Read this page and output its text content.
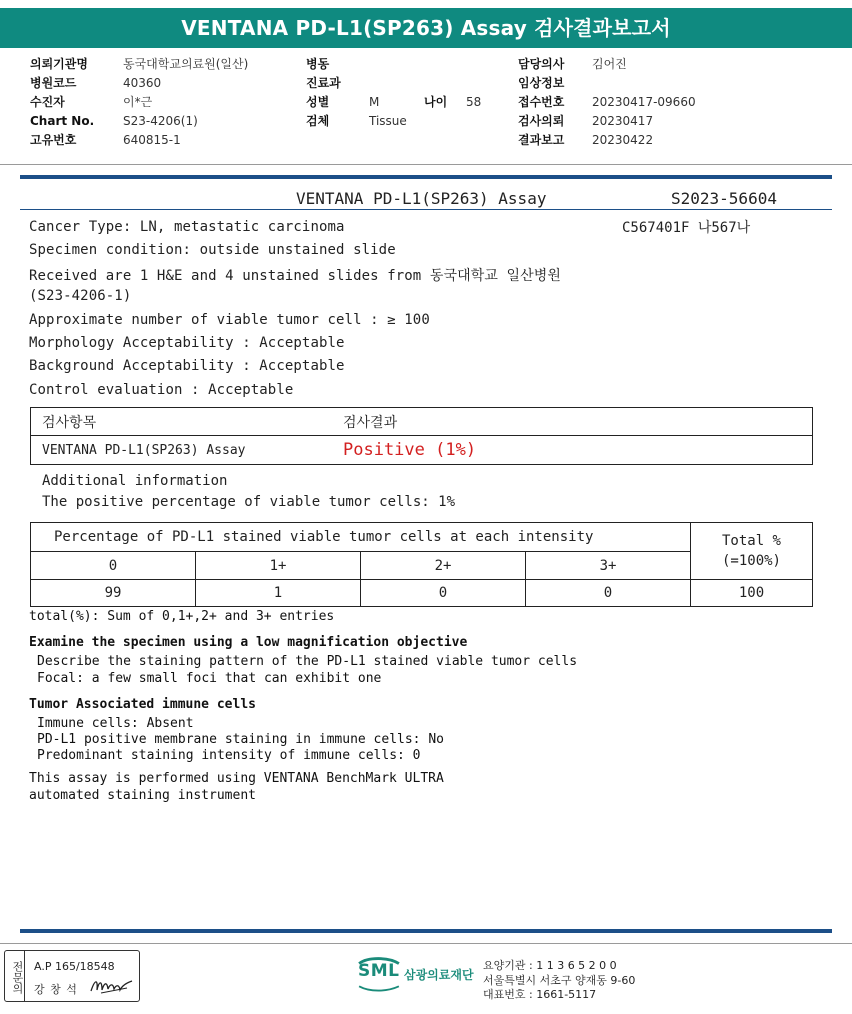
VENTANA PD-L1(SP263) Assay 검사결과보고서
의뢰기관명	동국대학교의료원(일산)
병원코드	40360
수진자	이*근
Chart No.	S23-4206(1)
고유번호	640815-1
병동
진료과
성별	M	나이	58
검체	Tissue
담당의사	김어진
임상정보
접수번호	20230417-09660
검사의뢰	20230417
결과보고	20230422
VENTANA PD-L1(SP263) Assay	S2023-56604
C567401F 나567나
Cancer Type: LN, metastatic carcinoma
Specimen condition: outside unstained slide
Received are 1 H&E and 4 unstained slides from 동국대학교 일산병원
(S23-4206-1)
Approximate number of viable tumor cell : ≥ 100
Morphology Acceptability : Acceptable
Background Acceptability : Acceptable
Control evaluation : Acceptable
검사항목	검사결과
VENTANA PD-L1(SP263) Assay	Positive (1%)
Additional information
The positive percentage of viable tumor cells: 1%
Percentage of PD-L1 stained viable tumor cells at each intensity				Total %
(=100%)

0	1+	2+	3+	
99	1	0	0	100
total(%): Sum of 0,1+,2+ and 3+ entries
Examine the specimen using a low magnification objective
Describe the staining pattern of the PD-L1 stained viable tumor cells
Focal: a few small foci that can exhibit one
Tumor Associated immune cells
Immune cells: Absent
PD-L1 positive membrane staining in immune cells: No
Predominant staining intensity of immune cells: 0
This assay is performed using VENTANA BenchMark ULTRA
automated staining instrument
전문의 A.P 165/18548
강 창 석
SML 삼광의료재단
요양기관 : 1 1 3 6 5 2 0 0
서울특별시 서초구 양재동 9-60
대표번호 : 1661-5117
